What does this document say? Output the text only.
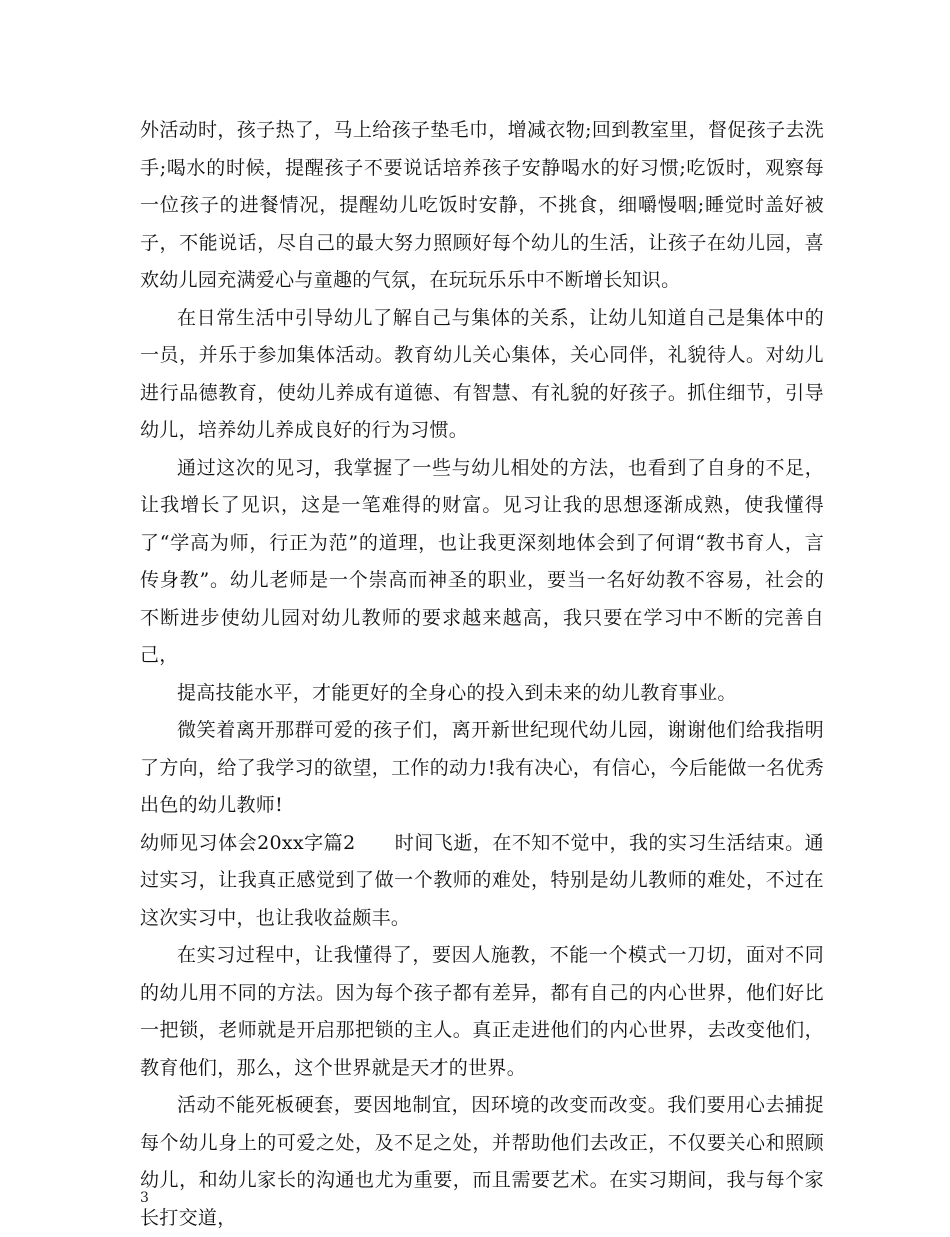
外活动时，孩子热了，马上给孩子垫毛巾，增减衣物;回到教室里，督促孩子去洗手;喝水的时候，提醒孩子不要说话培养孩子安静喝水的好习惯;吃饭时，观察每一位孩子的进餐情况，提醒幼儿吃饭时安静，不挑食，细嚼慢咽;睡觉时盖好被子，不能说话，尽自己的最大努力照顾好每个幼儿的生活，让孩子在幼儿园，喜欢幼儿园充满爱心与童趣的气氛，在玩玩乐乐中不断增长知识。

在日常生活中引导幼儿了解自己与集体的关系，让幼儿知道自己是集体中的一员，并乐于参加集体活动。教育幼儿关心集体，关心同伴，礼貌待人。对幼儿进行品德教育，使幼儿养成有道德、有智慧、有礼貌的好孩子。抓住细节，引导幼儿，培养幼儿养成良好的行为习惯。

通过这次的见习，我掌握了一些与幼儿相处的方法，也看到了自身的不足，让我增长了见识，这是一笔难得的财富。见习让我的思想逐渐成熟，使我懂得了“学高为师，行正为范”的道理，也让我更深刻地体会到了何谓“教书育人，言传身教”。幼儿老师是一个崇高而神圣的职业，要当一名好幼教不容易，社会的不断进步使幼儿园对幼儿教师的要求越来越高，我只要在学习中不断的完善自己，

提高技能水平，才能更好的全身心的投入到未来的幼儿教育事业。

微笑着离开那群可爱的孩子们，离开新世纪现代幼儿园，谢谢他们给我指明了方向，给了我学习的欲望，工作的动力!我有决心，有信心，今后能做一名优秀出色的幼儿教师!

幼师见习体会20xx字篇2　　时间飞逝，在不知不觉中，我的实习生活结束。通过实习，让我真正感觉到了做一个教师的难处，特别是幼儿教师的难处，不过在这次实习中，也让我收益颇丰。

在实习过程中，让我懂得了，要因人施教，不能一个模式一刀切，面对不同的幼儿用不同的方法。因为每个孩子都有差异，都有自己的内心世界，他们好比一把锁，老师就是开启那把锁的主人。真正走进他们的内心世界，去改变他们，教育他们，那么，这个世界就是天才的世界。

活动不能死板硬套，要因地制宜，因环境的改变而改变。我们要用心去捕捉每个幼儿身上的可爱之处，及不足之处，并帮助他们去改正，不仅要关心和照顾幼儿，和幼儿家长的沟通也尤为重要，而且需要艺术。在实习期间，我与每个家长打交道，

3
